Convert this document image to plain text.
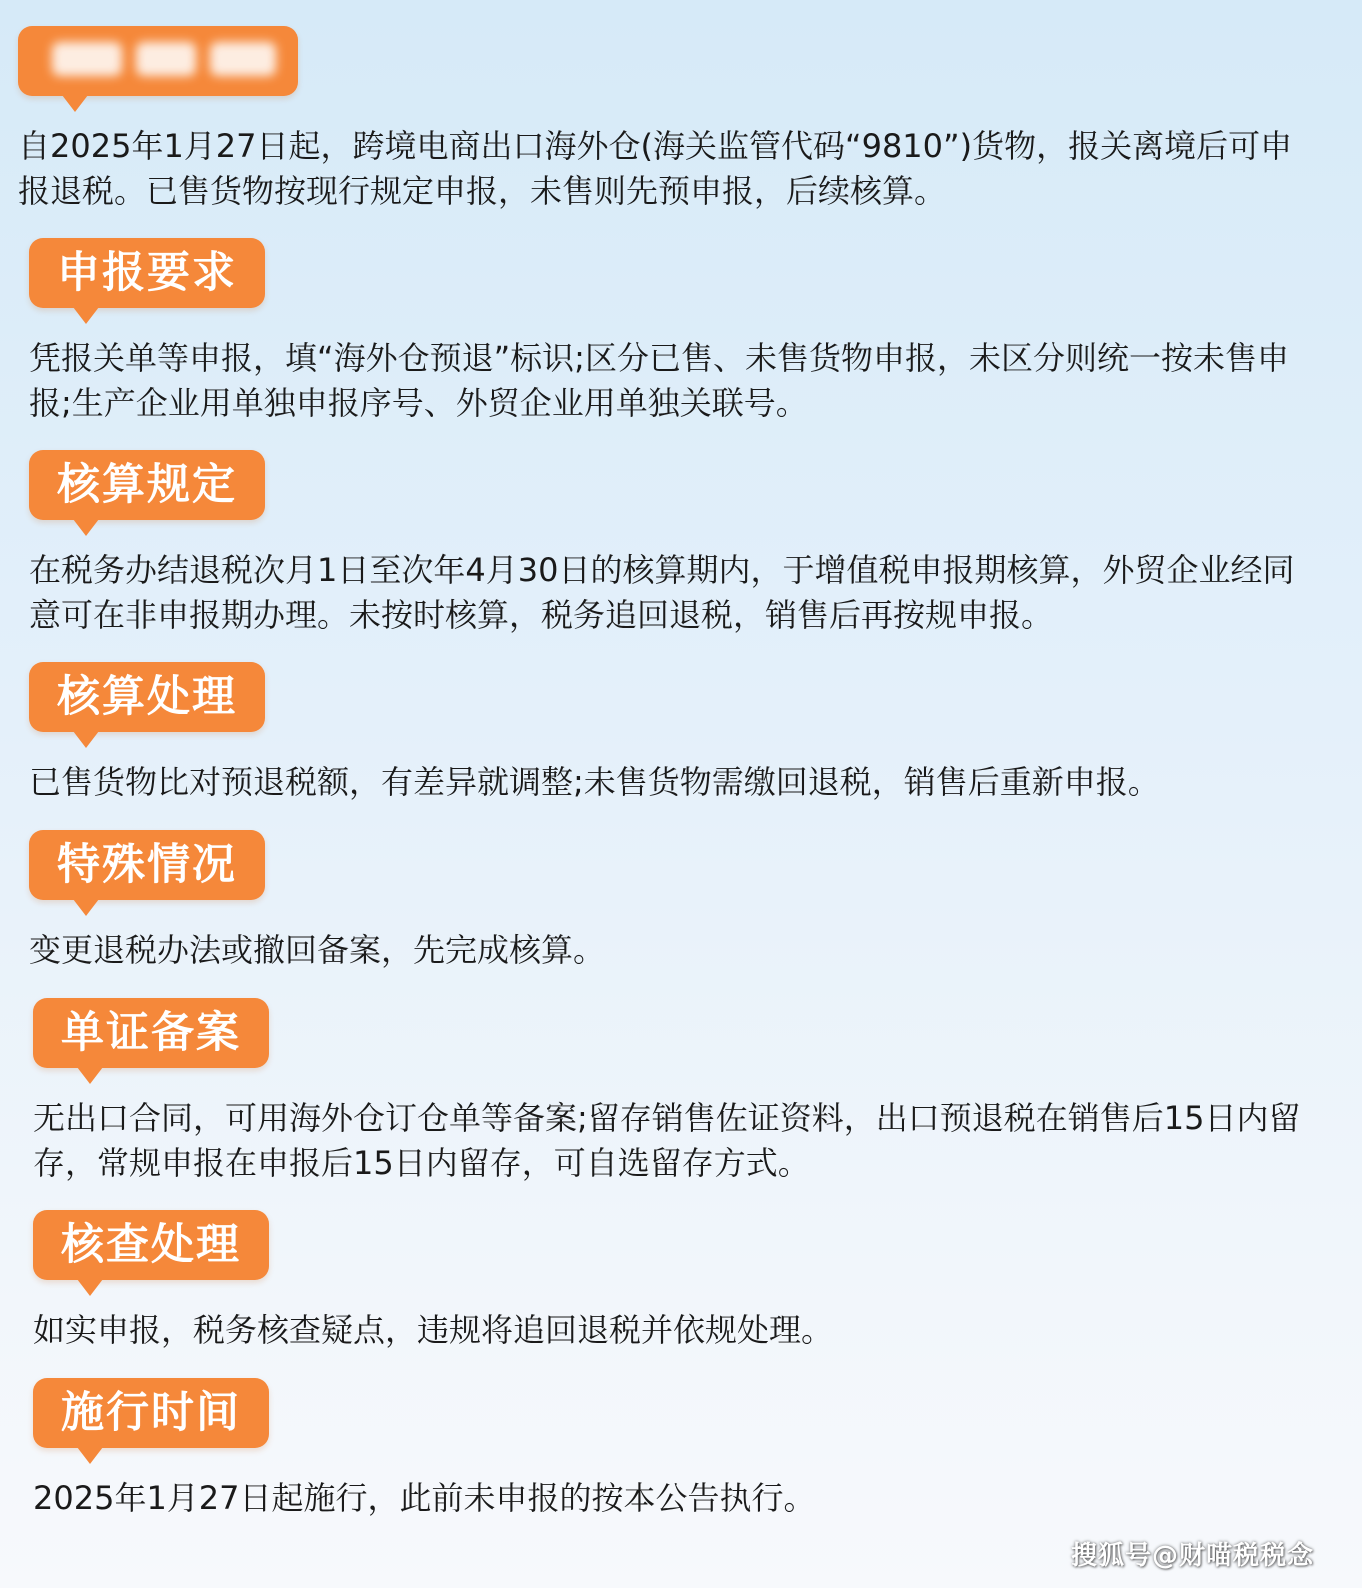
自2025年1月27日起，跨境电商出口海外仓(海关监管代码“9810”)货物，报关离境后可申报退税。已售货物按现行规定申报，未售则先预申报，后续核算。

申报要求

凭报关单等申报，填“海外仓预退”标识;区分已售、未售货物申报，未区分则统一按未售申报;生产企业用单独申报序号、外贸企业用单独关联号。

核算规定

在税务办结退税次月1日至次年4月30日的核算期内，于增值税申报期核算，外贸企业经同意可在非申报期办理。未按时核算，税务追回退税，销售后再按规申报。

核算处理

已售货物比对预退税额，有差异就调整;未售货物需缴回退税，销售后重新申报。

特殊情况

变更退税办法或撤回备案，先完成核算。

单证备案

无出口合同，可用海外仓订仓单等备案;留存销售佐证资料，出口预退税在销售后15日内留存，常规申报在申报后15日内留存，可自选留存方式。

核查处理

如实申报，税务核查疑点，违规将追回退税并依规处理。

施行时间

2025年1月27日起施行，此前未申报的按本公告执行。

搜狐号@财喵税税念
